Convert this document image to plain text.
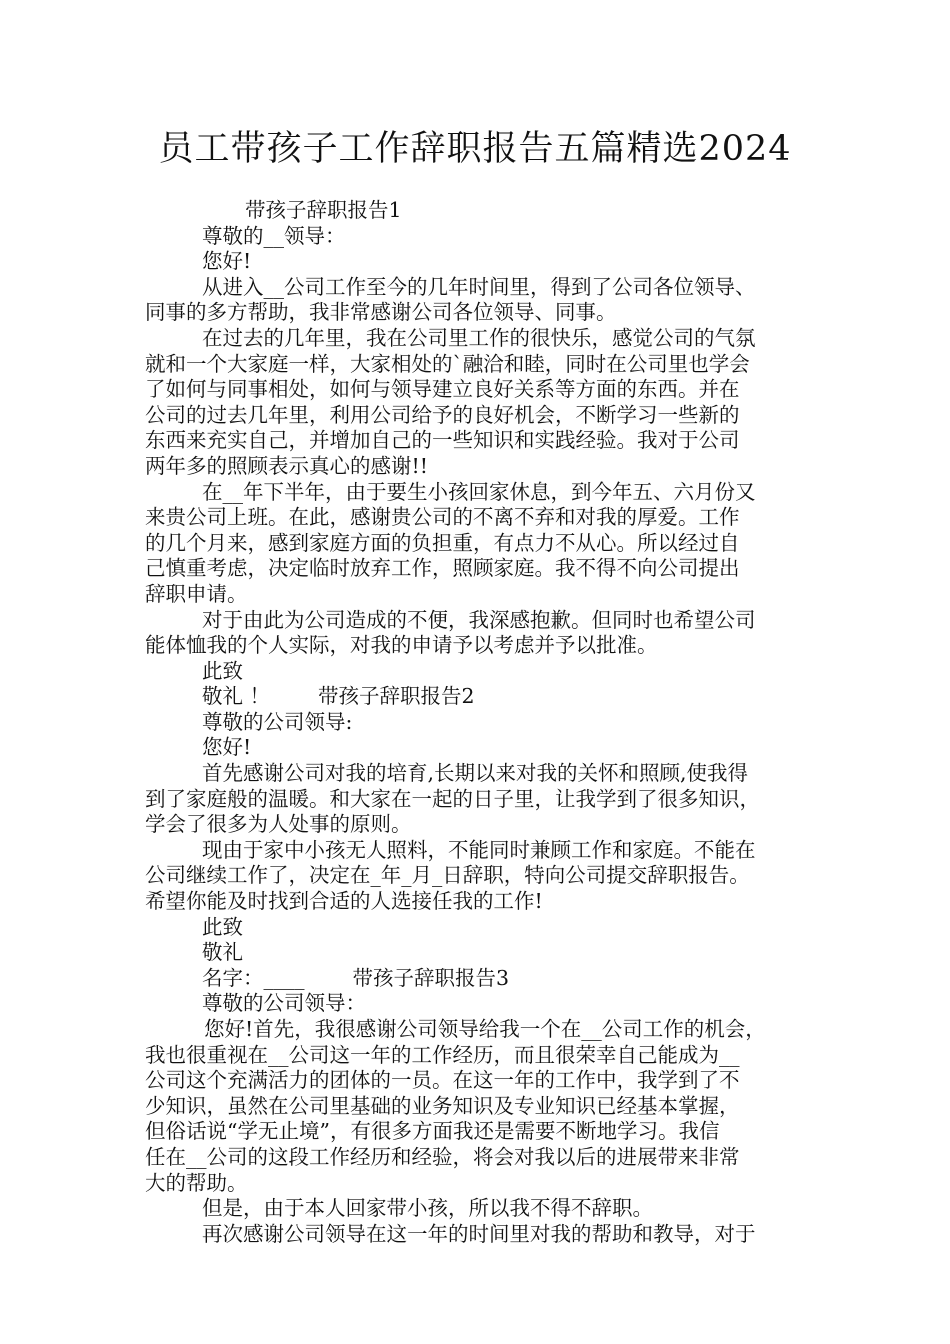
员工带孩子工作辞职报告五篇精选2024

带孩子辞职报告1

尊敬的__领导：

您好!

从进入__公司工作至今的几年时间里，得到了公司各位领导、

同事的多方帮助，我非常感谢公司各位领导、同事。

在过去的几年里，我在公司里工作的很快乐，感觉公司的气氛

就和一个大家庭一样，大家相处的`融洽和睦，同时在公司里也学会

了如何与同事相处，如何与领导建立良好关系等方面的东西。并在

公司的过去几年里，利用公司给予的良好机会，不断学习一些新的

东西来充实自己，并增加自己的一些知识和实践经验。我对于公司

两年多的照顾表示真心的感谢!!

在__年下半年，由于要生小孩回家休息，到今年五、六月份又

来贵公司上班。在此，感谢贵公司的不离不弃和对我的厚爱。工作

的几个月来，感到家庭方面的负担重，有点力不从心。所以经过自

己慎重考虑，决定临时放弃工作，照顾家庭。我不得不向公司提出

辞职申请。

对于由此为公司造成的不便，我深感抱歉。但同时也希望公司

能体恤我的个人实际，对我的申请予以考虑并予以批准。

此致

敬礼 ！ 带孩子辞职报告2

尊敬的公司领导:

您好!

首先感谢公司对我的培育,长期以来对我的关怀和照顾,使我得

到了家庭般的温暖。和大家在一起的日子里，让我学到了很多知识，

学会了很多为人处事的原则。

现由于家中小孩无人照料，不能同时兼顾工作和家庭。不能在

公司继续工作了，决定在_年_月_日辞职，特向公司提交辞职报告。

希望你能及时找到合适的人选接任我的工作!

此致

敬礼

名字：____ 带孩子辞职报告3

尊敬的公司领导：

您好!首先，我很感谢公司领导给我一个在__公司工作的机会，

我也很重视在__公司这一年的工作经历，而且很荣幸自己能成为__

公司这个充满活力的团体的一员。在这一年的工作中，我学到了不

少知识，虽然在公司里基础的业务知识及专业知识已经基本掌握，

但俗话说“学无止境”，有很多方面我还是需要不断地学习。我信

任在__公司的这段工作经历和经验，将会对我以后的进展带来非常

大的帮助。

但是，由于本人回家带小孩，所以我不得不辞职。

再次感谢公司领导在这一年的时间里对我的帮助和教导，对于
